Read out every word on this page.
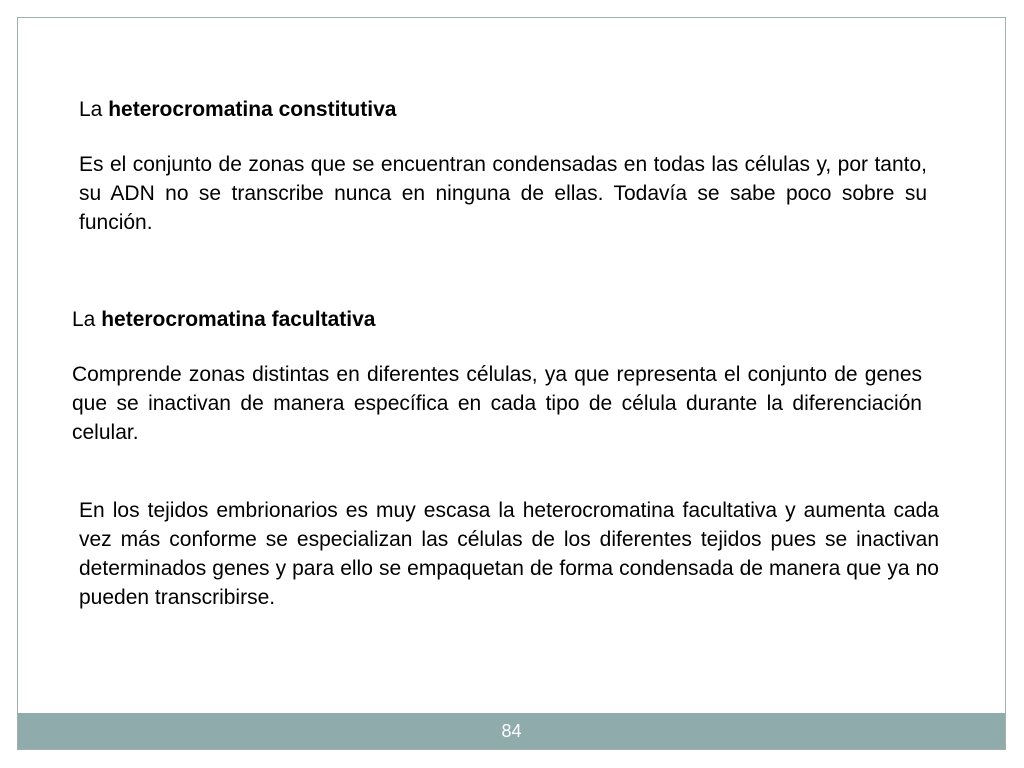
La heterocromatina constitutiva

Es el conjunto de zonas que se encuentran condensadas en todas las células y, por tanto, su ADN no se transcribe nunca en ninguna de ellas. Todavía se sabe poco sobre su función.

La heterocromatina facultativa

Comprende zonas distintas en diferentes células, ya que representa el conjunto de genes que se inactivan de manera específica en cada tipo de célula durante la diferenciación celular.

En los tejidos embrionarios es muy escasa la heterocromatina facultativa y aumenta cada vez más conforme se especializan las células de los diferentes tejidos pues se inactivan determinados genes y para ello se empaquetan de forma condensada de manera que ya no pueden transcribirse.

84
